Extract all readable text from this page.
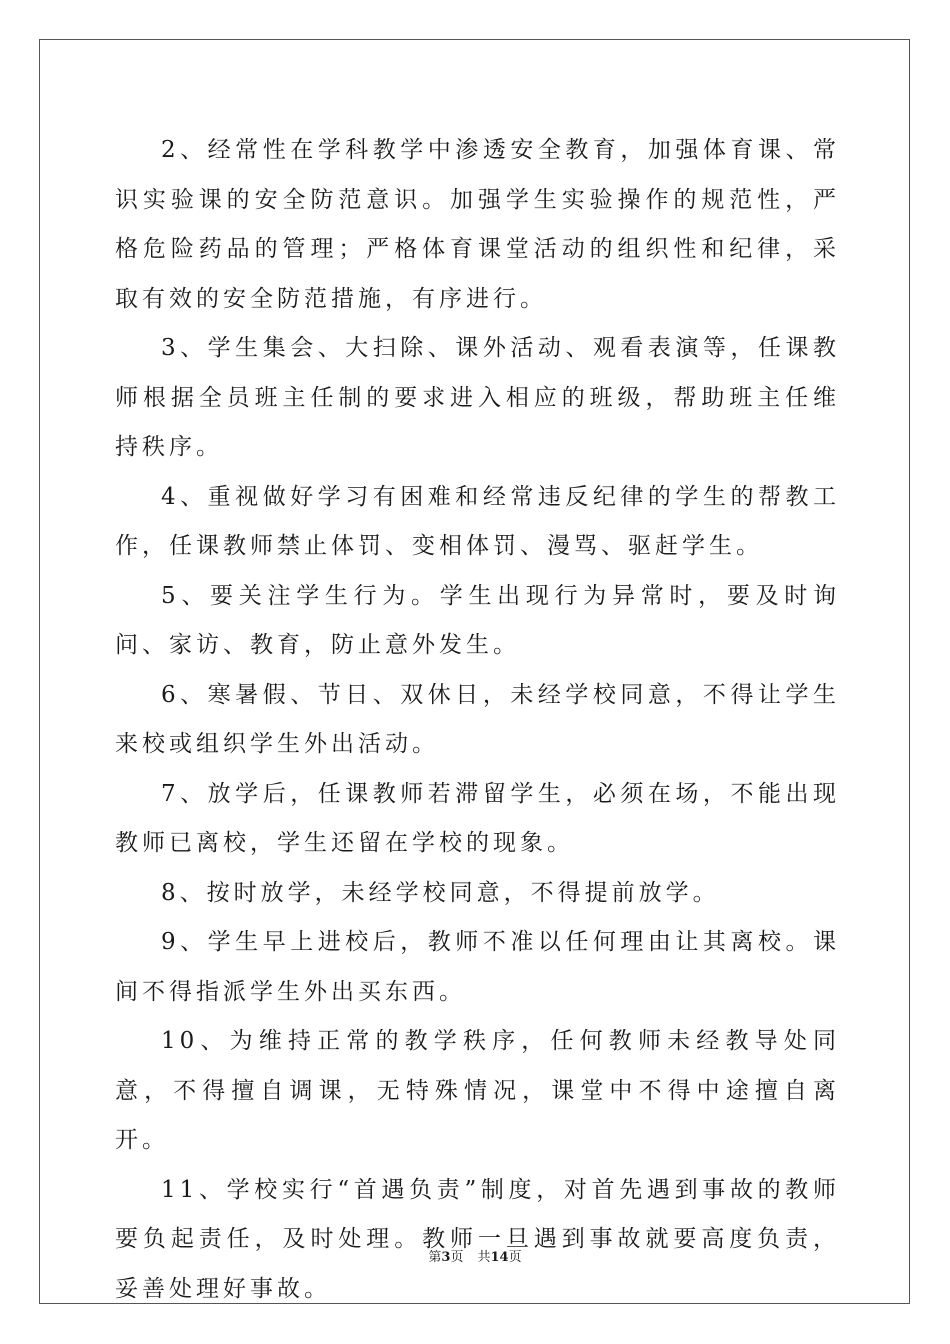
2、经常性在学科教学中渗透安全教育，加强体育课、常识实验课的安全防范意识。加强学生实验操作的规范性，严格危险药品的管理；严格体育课堂活动的组织性和纪律，采取有效的安全防范措施，有序进行。

3、学生集会、大扫除、课外活动、观看表演等，任课教师根据全员班主任制的要求进入相应的班级，帮助班主任维持秩序。

4、重视做好学习有困难和经常违反纪律的学生的帮教工作，任课教师禁止体罚、变相体罚、漫骂、驱赶学生。

5、要关注学生行为。学生出现行为异常时，要及时询问、家访、教育，防止意外发生。

6、寒暑假、节日、双休日，未经学校同意，不得让学生来校或组织学生外出活动。

7、放学后，任课教师若滞留学生，必须在场，不能出现教师已离校，学生还留在学校的现象。

8、按时放学，未经学校同意，不得提前放学。

9、学生早上进校后，教师不准以任何理由让其离校。课间不得指派学生外出买东西。

10、为维持正常的教学秩序，任何教师未经教导处同意，不得擅自调课，无特殊情况，课堂中不得中途擅自离开。

11、学校实行“首遇负责”制度，对首先遇到事故的教师要负起责任，及时处理。教师一旦遇到事故就要高度负责，妥善处理好事故。

第3页 共14页
